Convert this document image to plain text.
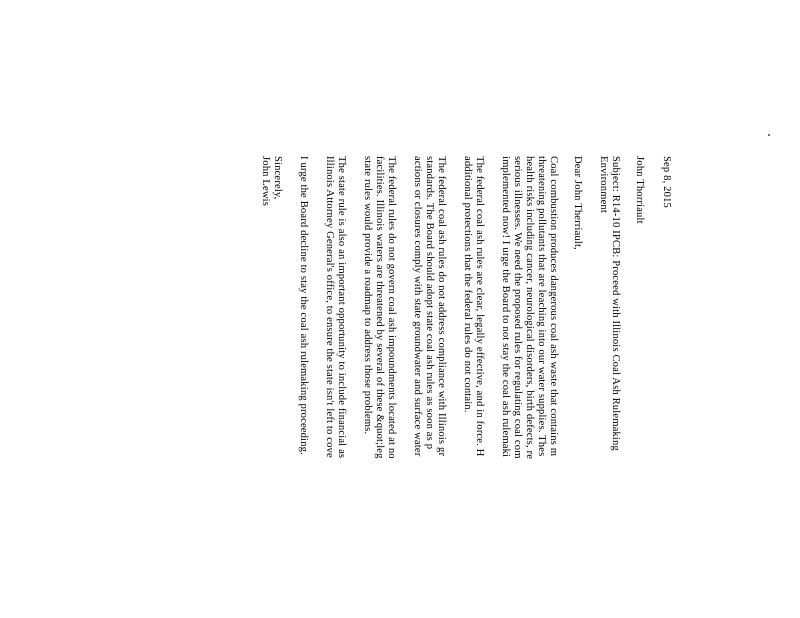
Sep 8, 2015
John Thorriault
Subject: R14-10 IPCB: Proceed with Illinois Coal Ash Rulemaking
Environment
Dear John Therriault,
Coal combustion produces dangerous coal ash waste that contains m
threatening pollutants that are leaching into our water supplies. Thes
health risks including cancer, neurological disorders, birth defects, re
serious illnesses. We need the proposed rules for regulating coal com
implemented now! I urge the Board to not stay the coal ash rulemaki
The federal coal ash rules are clear, legally effective, and in force. H
additional protections that the federal rules do not contain.
The federal coal ash rules do not address compliance with Illinois gr
standards. The Board should adopt state coal ash rules as soon as p
actions or closures comply with state groundwater and surface water
The federal rules do not govern coal ash impoundments located at no
facilities. Illinois waters are threatened by several of these &quot;leg
state rules would provide a roadmap to address those problems.
The state rule is also an important opportunity to include financial as
Illinois Attorney General's office, to ensure the state isn't left to cove
I urge the Board decline to stay the coal ash rulemaking proceeding.
Sincerely,
John Lewis
